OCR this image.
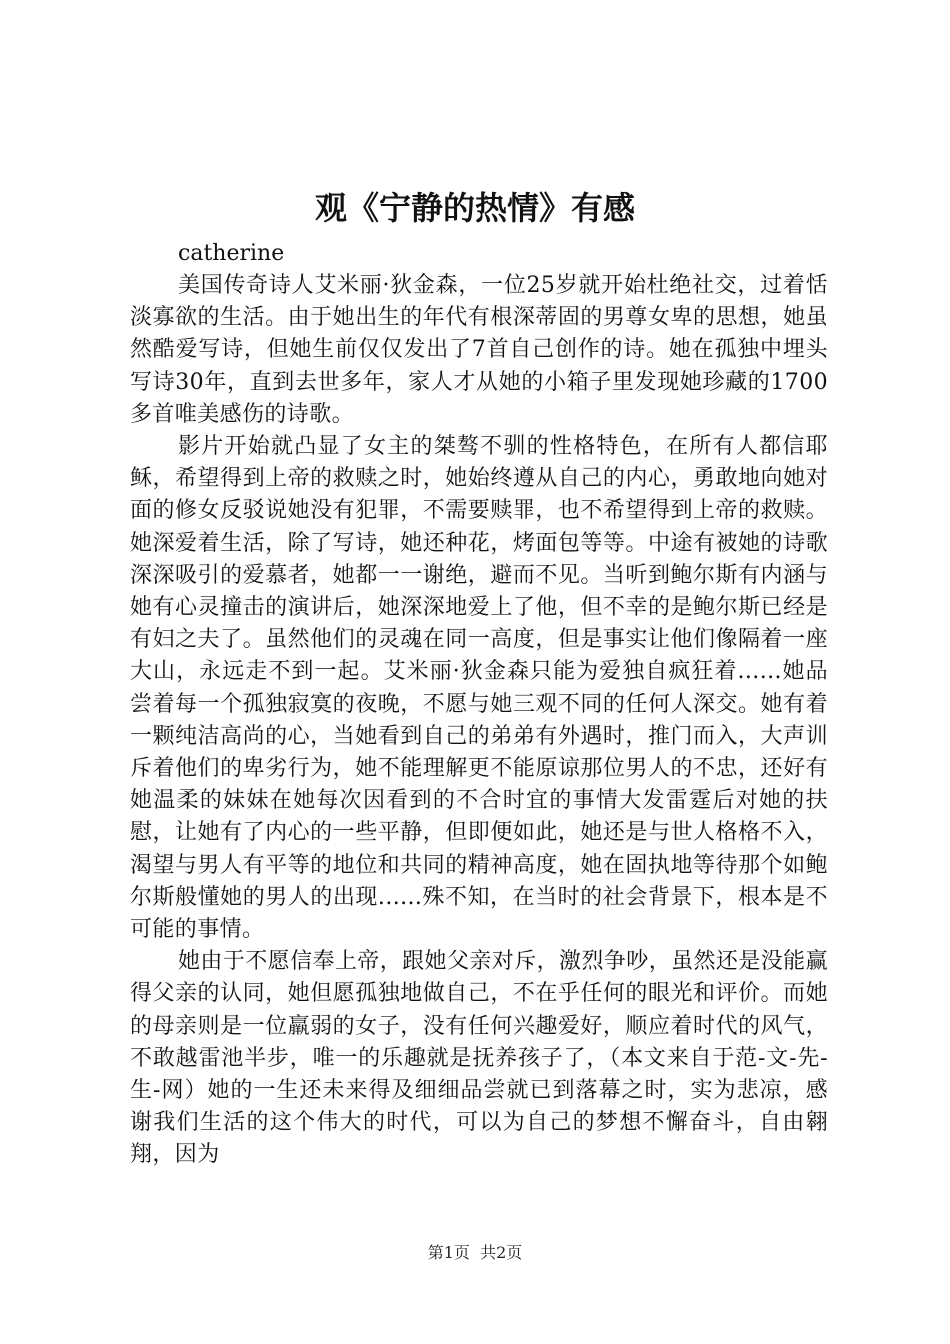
观《宁静的热情》有感

catherine

美国传奇诗人艾米丽·狄金森，一位25岁就开始杜绝社交，过着恬淡寡欲的生活。由于她出生的年代有根深蒂固的男尊女卑的思想，她虽然酷爱写诗，但她生前仅仅发出了7首自己创作的诗。她在孤独中埋头写诗30年，直到去世多年，家人才从她的小箱子里发现她珍藏的1700多首唯美感伤的诗歌。

影片开始就凸显了女主的桀骜不驯的性格特色，在所有人都信耶稣，希望得到上帝的救赎之时，她始终遵从自己的内心，勇敢地向她对面的修女反驳说她没有犯罪，不需要赎罪，也不希望得到上帝的救赎。她深爱着生活，除了写诗，她还种花，烤面包等等。中途有被她的诗歌深深吸引的爱慕者，她都一一谢绝，避而不见。当听到鲍尔斯有内涵与她有心灵撞击的演讲后，她深深地爱上了他，但不幸的是鲍尔斯已经是有妇之夫了。虽然他们的灵魂在同一高度，但是事实让他们像隔着一座大山，永远走不到一起。艾米丽·狄金森只能为爱独自疯狂着......她品尝着每一个孤独寂寞的夜晚，不愿与她三观不同的任何人深交。她有着一颗纯洁高尚的心，当她看到自己的弟弟有外遇时，推门而入，大声训斥着他们的卑劣行为，她不能理解更不能原谅那位男人的不忠，还好有她温柔的妹妹在她每次因看到的不合时宜的事情大发雷霆后对她的扶慰，让她有了内心的一些平静，但即便如此，她还是与世人格格不入，渴望与男人有平等的地位和共同的精神高度，她在固执地等待那个如鲍尔斯般懂她的男人的出现......殊不知，在当时的社会背景下，根本是不可能的事情。

她由于不愿信奉上帝，跟她父亲对斥，激烈争吵，虽然还是没能赢得父亲的认同，她但愿孤独地做自己，不在乎任何的眼光和评价。而她的母亲则是一位羸弱的女子，没有任何兴趣爱好，顺应着时代的风气，不敢越雷池半步，唯一的乐趣就是抚养孩子了，（本文来自于范-文-先-生-网）她的一生还未来得及细细品尝就已到落幕之时，实为悲凉，感谢我们生活的这个伟大的时代，可以为自己的梦想不懈奋斗，自由翱翔，因为

第1页 共2页
